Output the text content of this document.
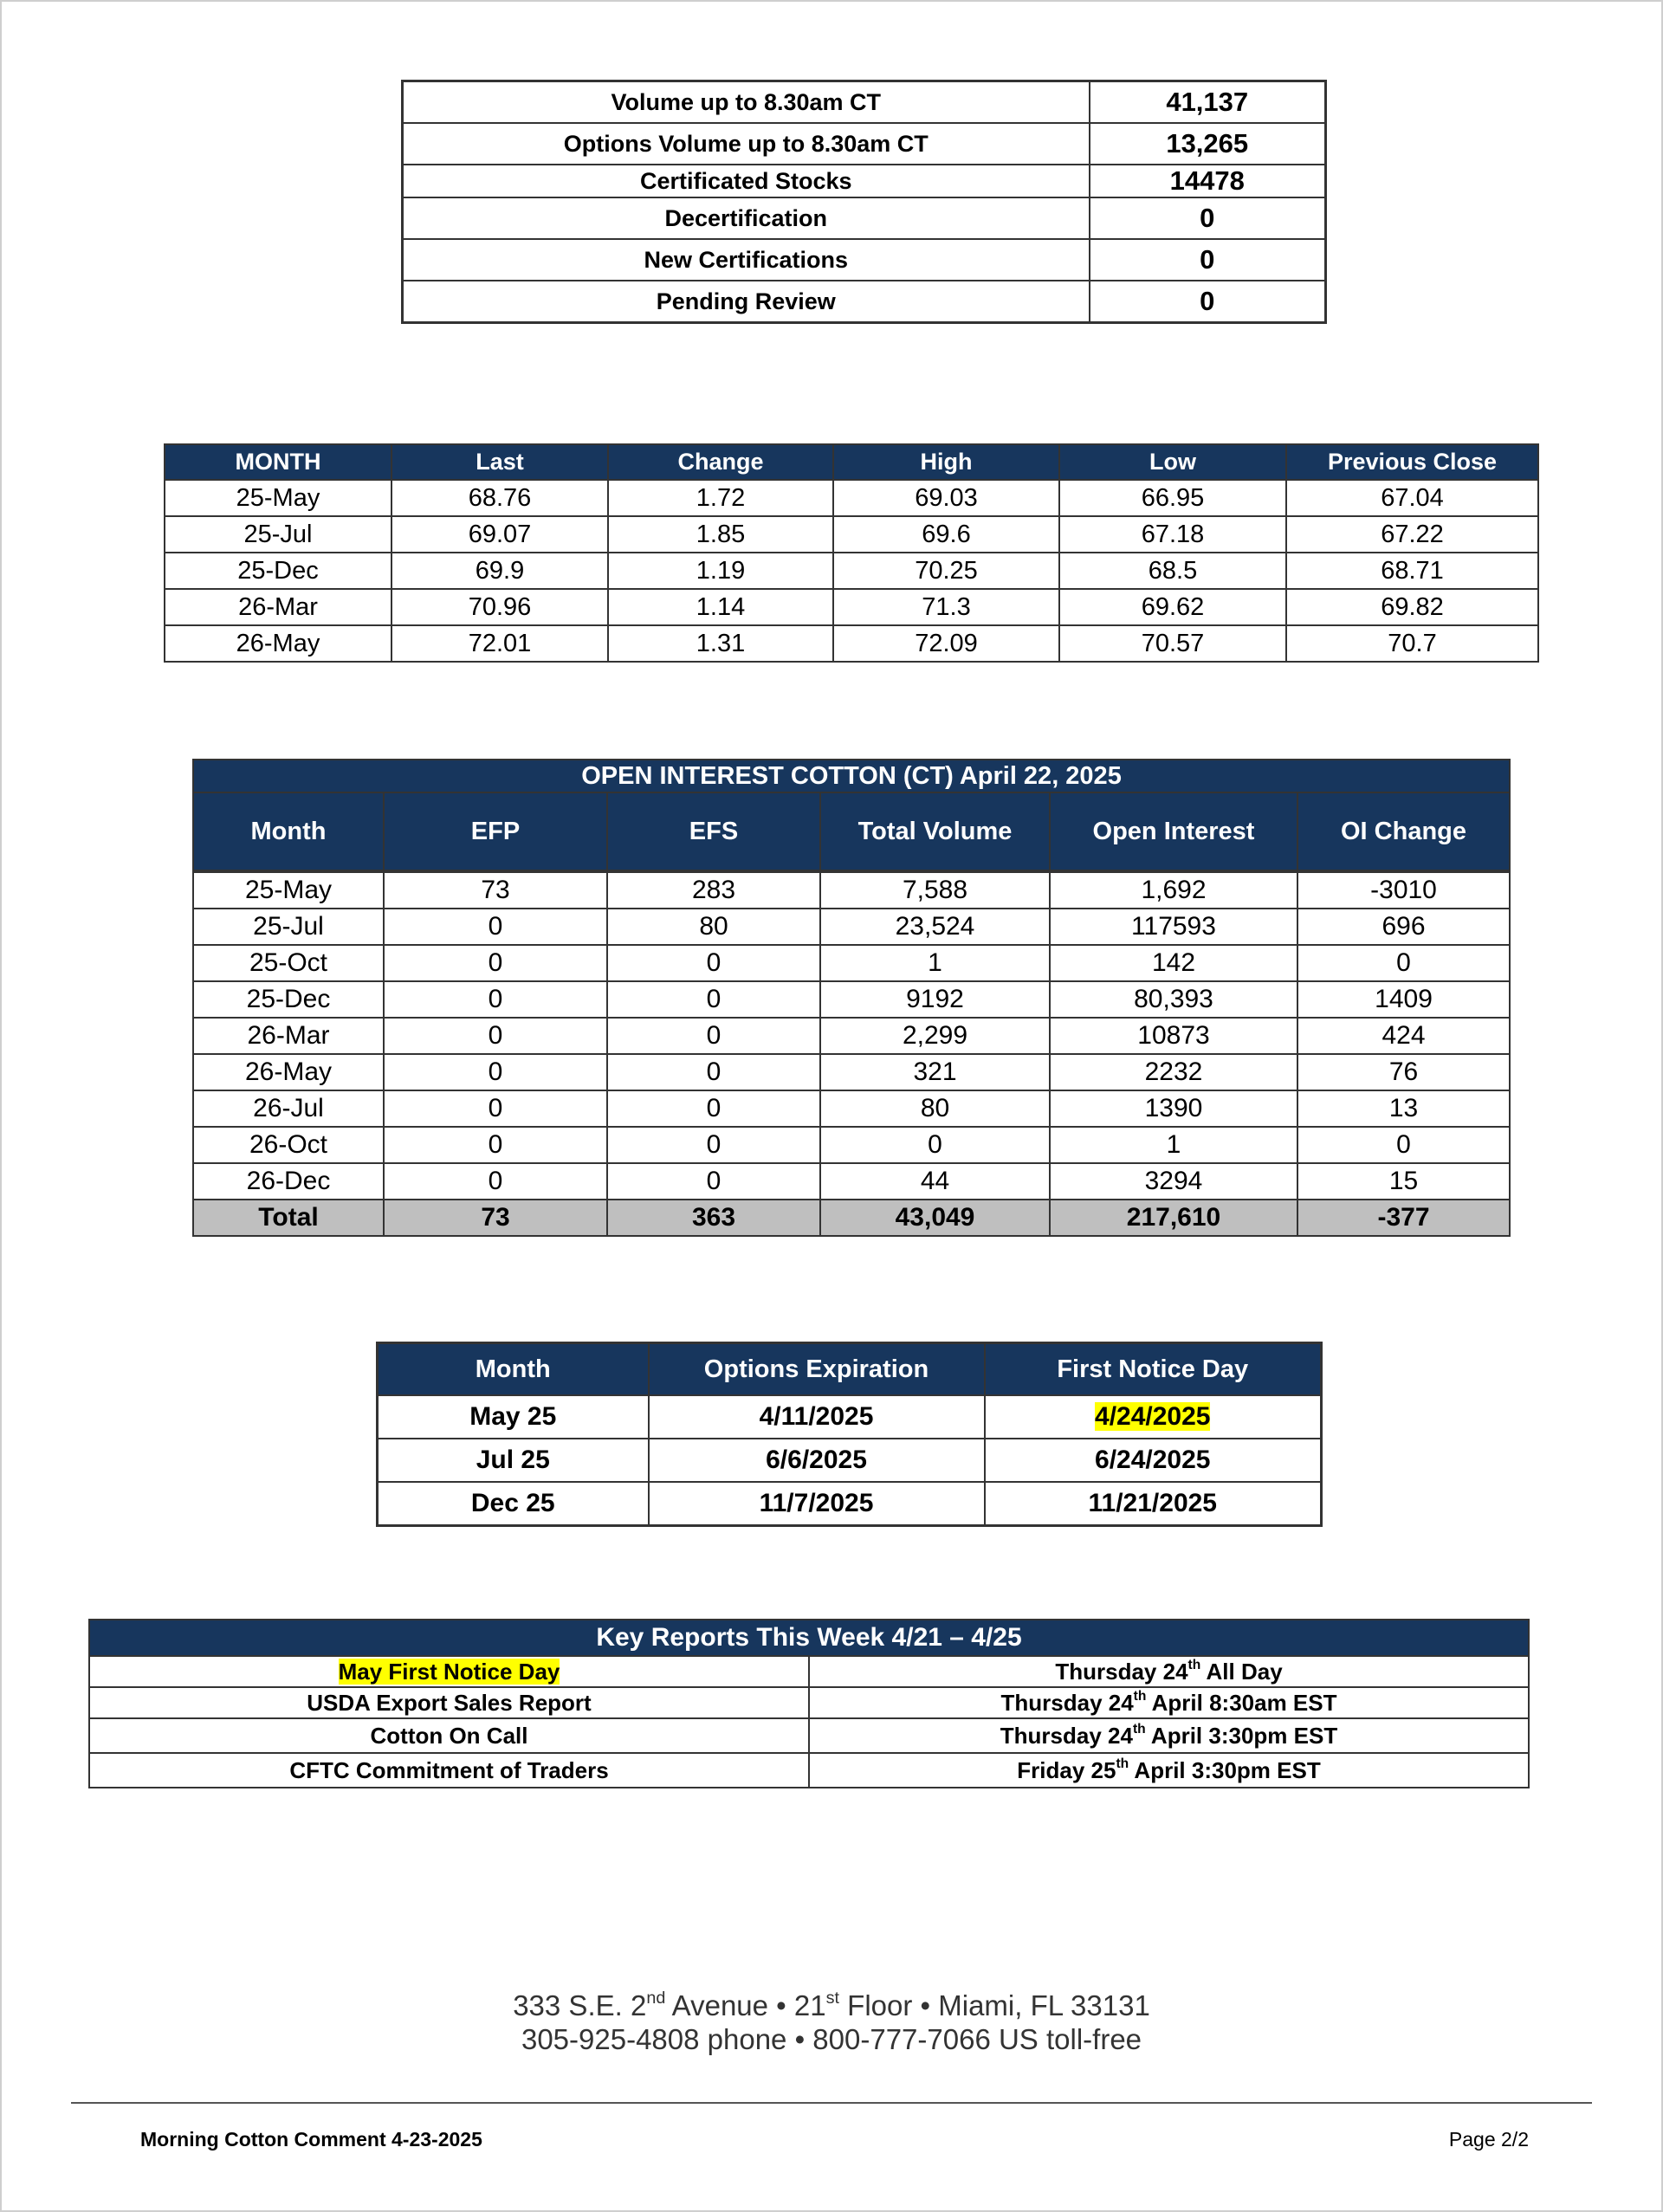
Volume up to 8.30am CT	41,137
Options Volume up to 8.30am CT	13,265
Certificated Stocks	14478
Decertification	0
New Certifications	0
Pending Review	0
MONTH	Last	Change	High	Low	Previous Close
25-May	68.76	1.72	69.03	66.95	67.04
25-Jul	69.07	1.85	69.6	67.18	67.22
25-Dec	69.9	1.19	70.25	68.5	68.71
26-Mar	70.96	1.14	71.3	69.62	69.82
26-May	72.01	1.31	72.09	70.57	70.7
OPEN INTEREST COTTON (CT) April 22, 2025					
Month	EFP	EFS	Total Volume	Open Interest	OI Change
25-May	73	283	7,588	1,692	-3010
25-Jul	0	80	23,524	117593	696
25-Oct	0	0	1	142	0
25-Dec	0	0	9192	80,393	1409
26-Mar	0	0	2,299	10873	424
26-May	0	0	321	2232	76
26-Jul	0	0	80	1390	13
26-Oct	0	0	0	1	0
26-Dec	0	0	44	3294	15
Total	73	363	43,049	217,610	-377
Month	Options Expiration	First Notice Day
May 25	4/11/2025	4/24/2025
Jul 25	6/6/2025	6/24/2025
Dec 25	11/7/2025	11/21/2025
Key Reports This Week 4/21 – 4/25	
May First Notice Day	Thursday 24th All Day
USDA Export Sales Report	Thursday 24th April 8:30am EST
Cotton On Call	Thursday 24th April 3:30pm EST
CFTC Commitment of Traders	Friday 25th April 3:30pm EST
333 S.E. 2nd Avenue • 21st Floor • Miami, FL 33131
305-925-4808 phone • 800-777-7066 US toll-free
Morning Cotton Comment 4-23-2025	Page 2/2
